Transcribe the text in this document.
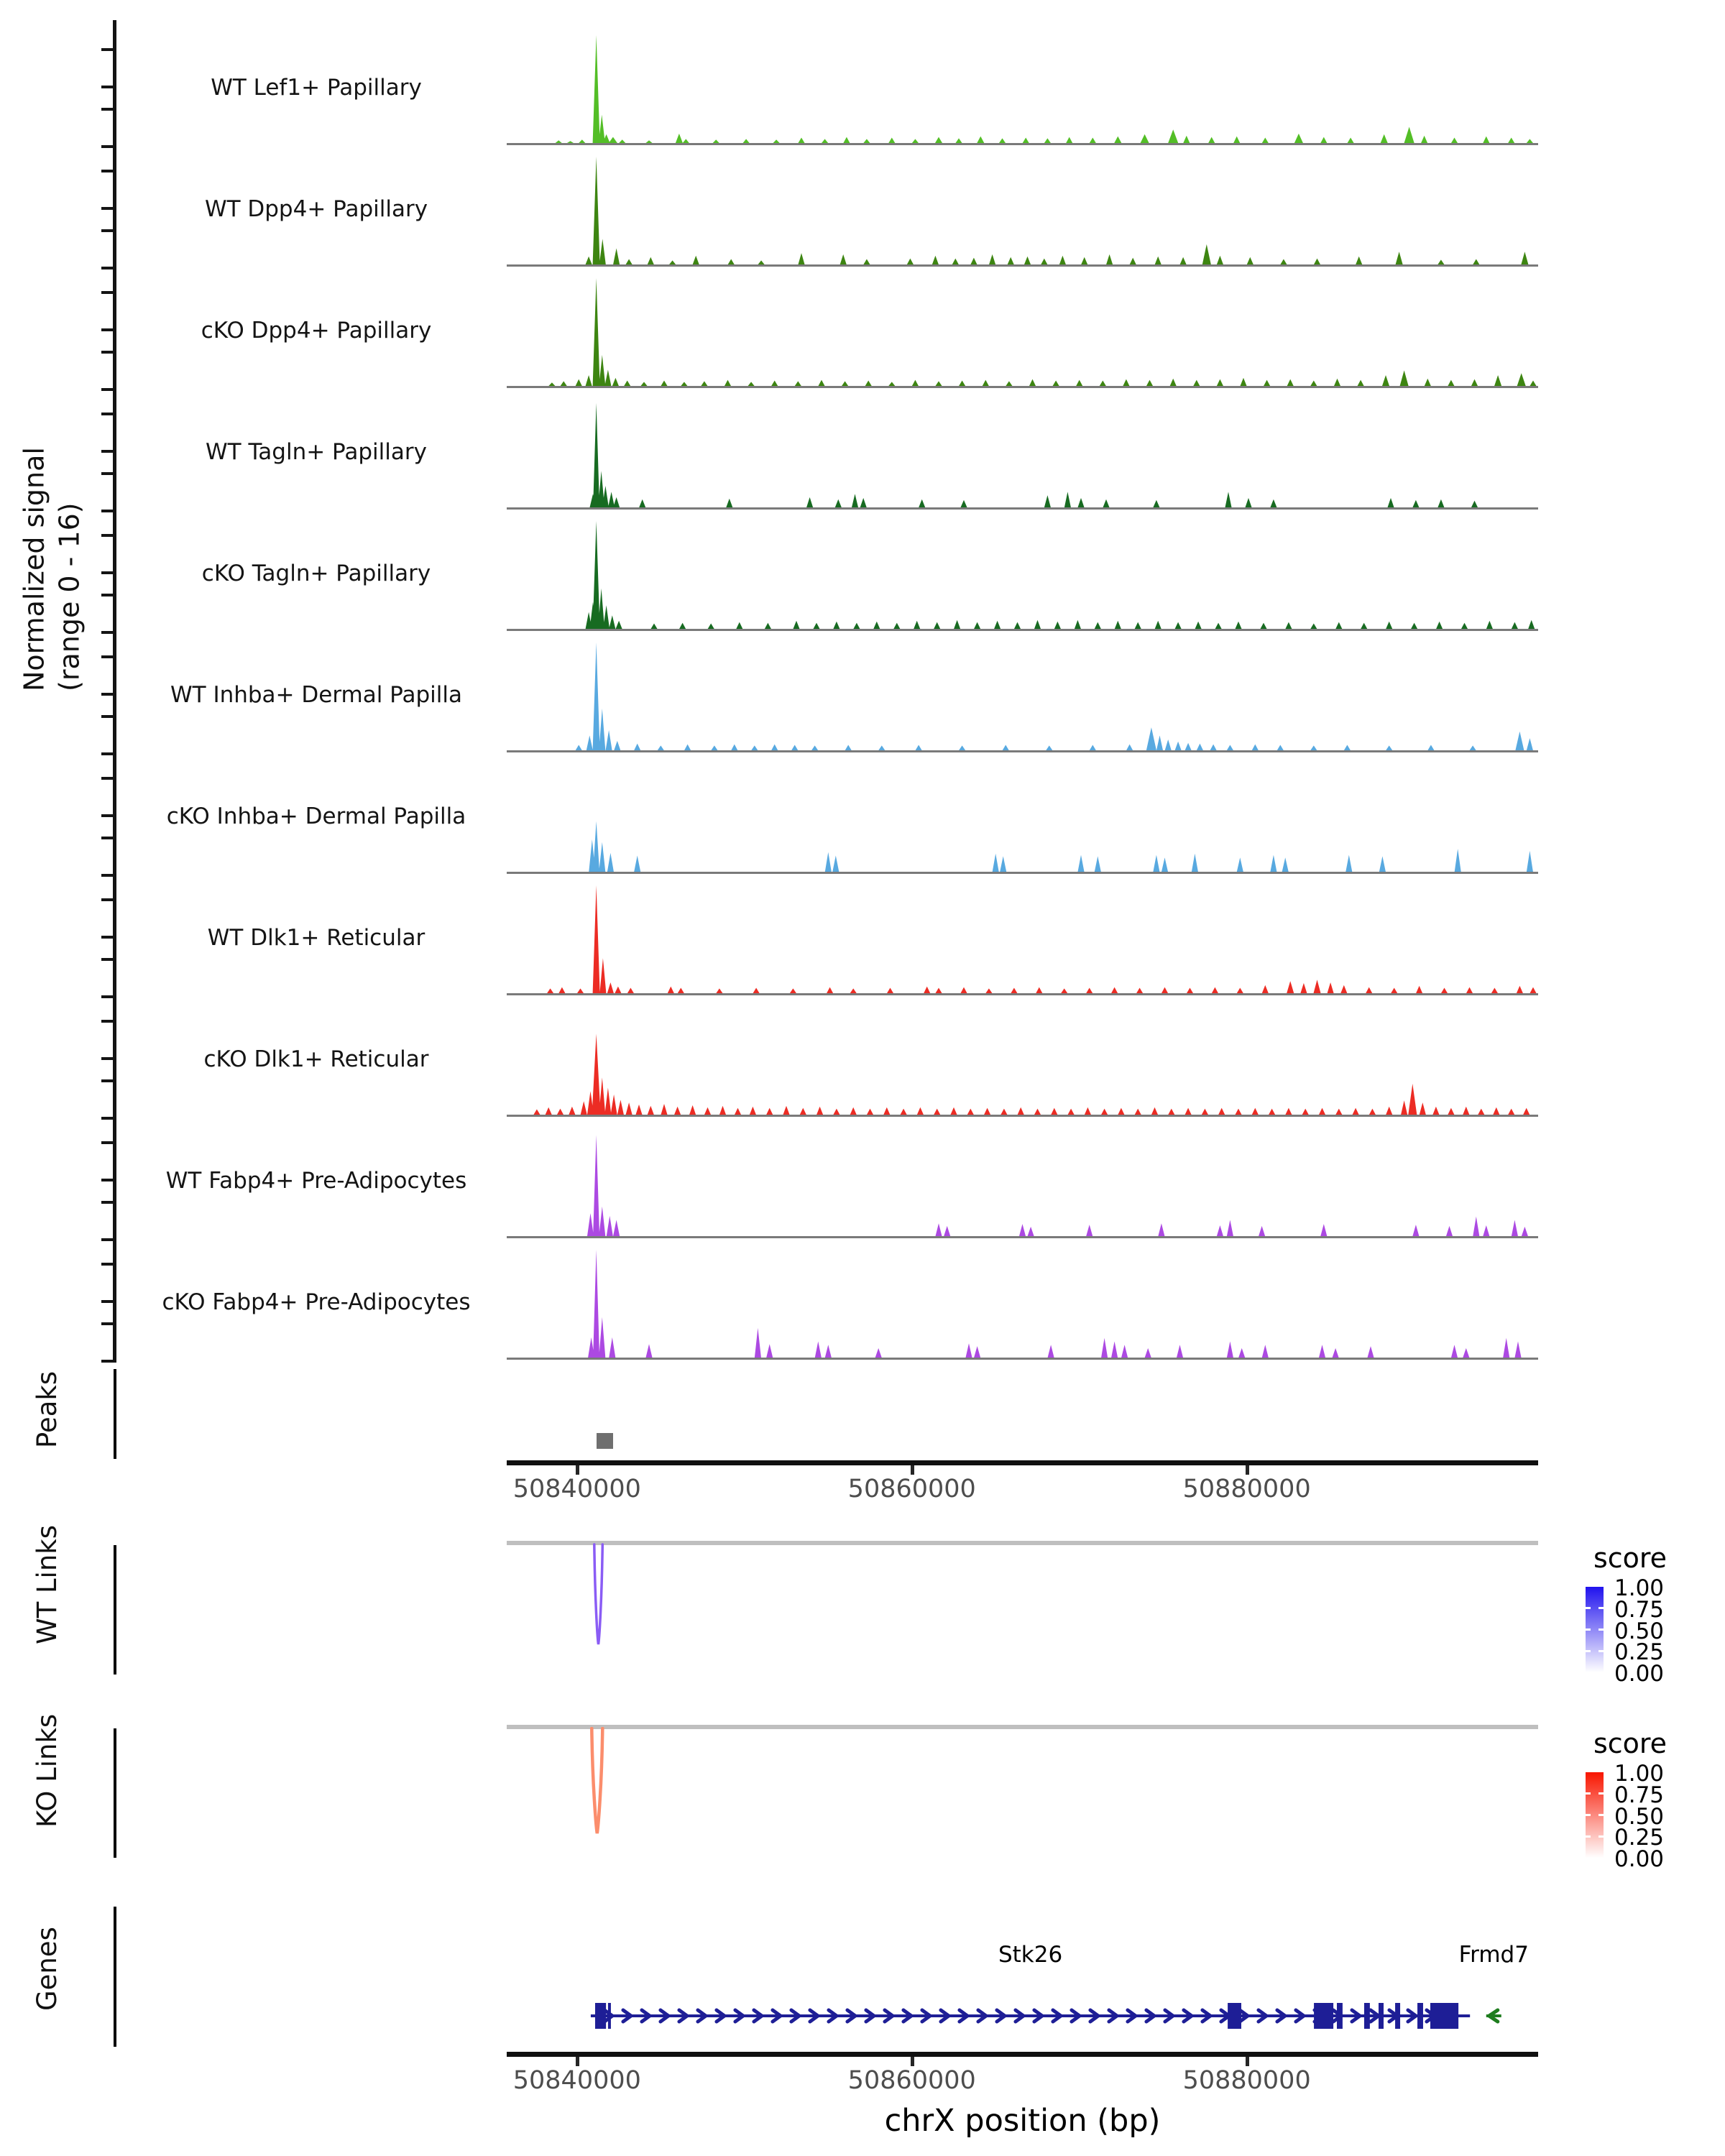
Normalized signal (range 0 - 16)
WT Lef1+ Papillary
WT Dpp4+ Papillary
cKO Dpp4+ Papillary
WT Tagln+ Papillary
cKO Tagln+ Papillary
WT Inhba+ Dermal Papilla
cKO Inhba+ Dermal Papilla
WT Dlk1+ Reticular
cKO Dlk1+ Reticular
WT Fabp4+ Pre-Adipocytes
cKO Fabp4+ Pre-Adipocytes
Peaks
50840000	50860000	50880000
50840000	50860000	50880000
WT Links
KO Links
score
1.00
0.75
0.50
0.25
0.00
score
1.00
0.75
0.50
0.25
0.00
Genes	Stk26	Frmd7
chrX position (bp)
